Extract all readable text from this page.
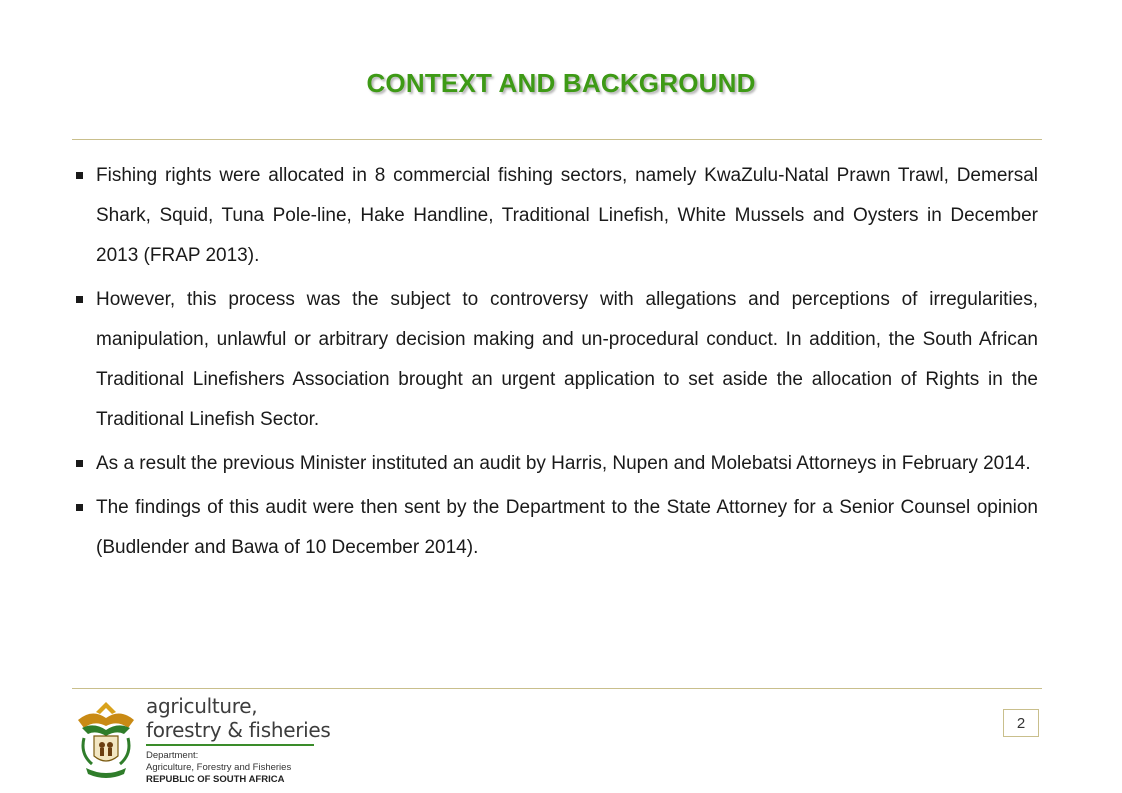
CONTEXT AND BACKGROUND
Fishing rights were allocated in 8 commercial fishing sectors, namely KwaZulu-Natal Prawn Trawl, Demersal Shark, Squid, Tuna Pole-line, Hake Handline, Traditional Linefish, White Mussels and Oysters in December 2013 (FRAP 2013).
However, this process was the subject to controversy with allegations and perceptions of irregularities, manipulation, unlawful or arbitrary decision making and un-procedural conduct. In addition, the South African Traditional Linefishers Association brought an urgent application to set aside the allocation of Rights in the Traditional Linefish Sector.
As a result the previous Minister instituted an audit by Harris, Nupen and Molebatsi Attorneys in February 2014.
The findings of this audit were then sent by the Department to the State Attorney for a Senior Counsel opinion (Budlender and Bawa of 10 December 2014).
agriculture,
forestry & fisheries
Department:
Agriculture, Forestry and Fisheries
REPUBLIC OF SOUTH AFRICA
2
